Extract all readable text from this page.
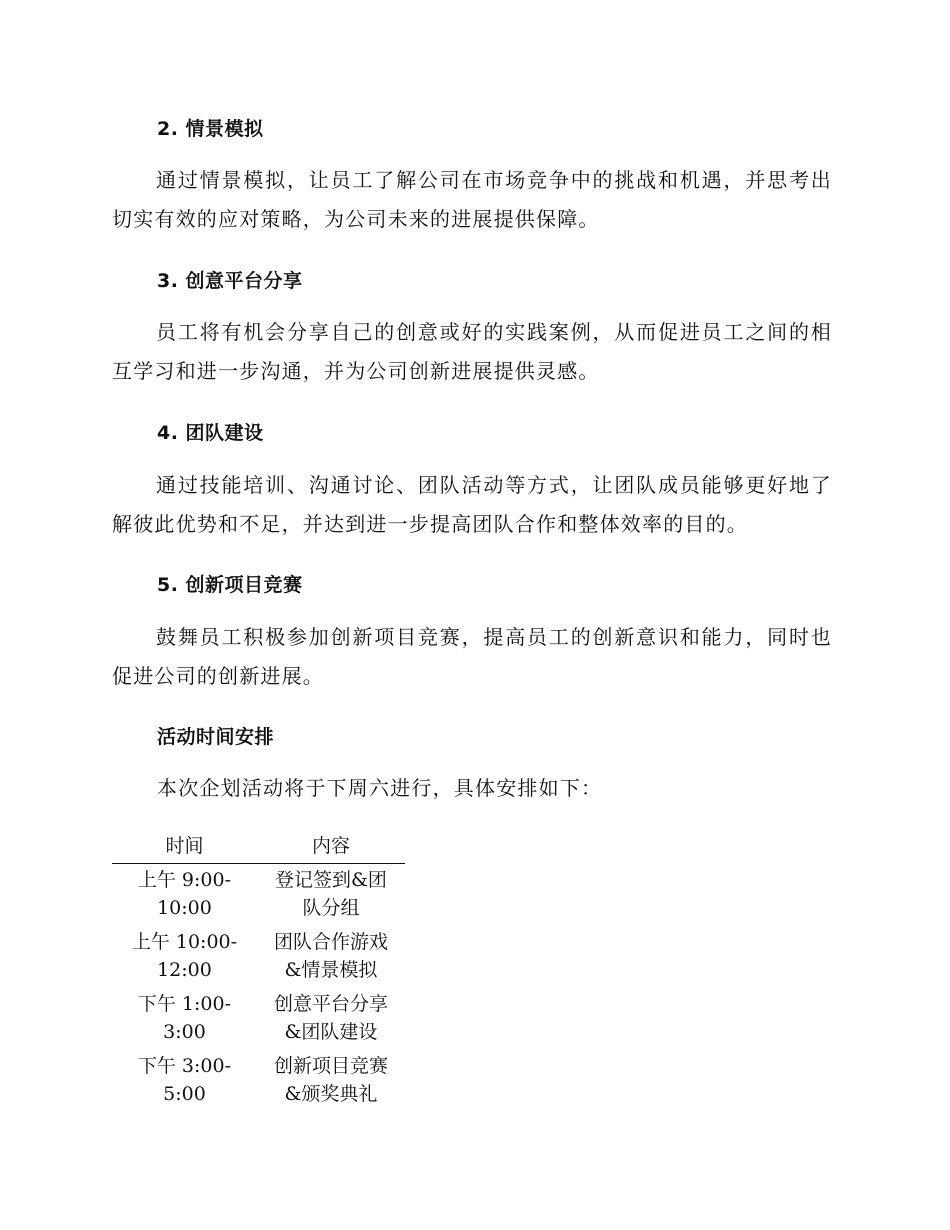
2. 情景模拟
通过情景模拟，让员工了解公司在市场竞争中的挑战和机遇，并思考出切实有效的应对策略，为公司未来的进展提供保障。
3. 创意平台分享
员工将有机会分享自己的创意或好的实践案例，从而促进员工之间的相互学习和进一步沟通，并为公司创新进展提供灵感。
4. 团队建设
通过技能培训、沟通讨论、团队活动等方式，让团队成员能够更好地了解彼此优势和不足，并达到进一步提高团队合作和整体效率的目的。
5. 创新项目竞赛
鼓舞员工积极参加创新项目竞赛，提高员工的创新意识和能力，同时也促进公司的创新进展。
活动时间安排
本次企划活动将于下周六进行，具体安排如下：
时间	内容

上午 9:00-
10:00	登记签到&团
队分组

上午 10:00-
12:00	团队合作游戏
&情景模拟

下午 1:00-
3:00	创意平台分享
&团队建设

下午 3:00-
5:00	创新项目竞赛
&颁奖典礼
